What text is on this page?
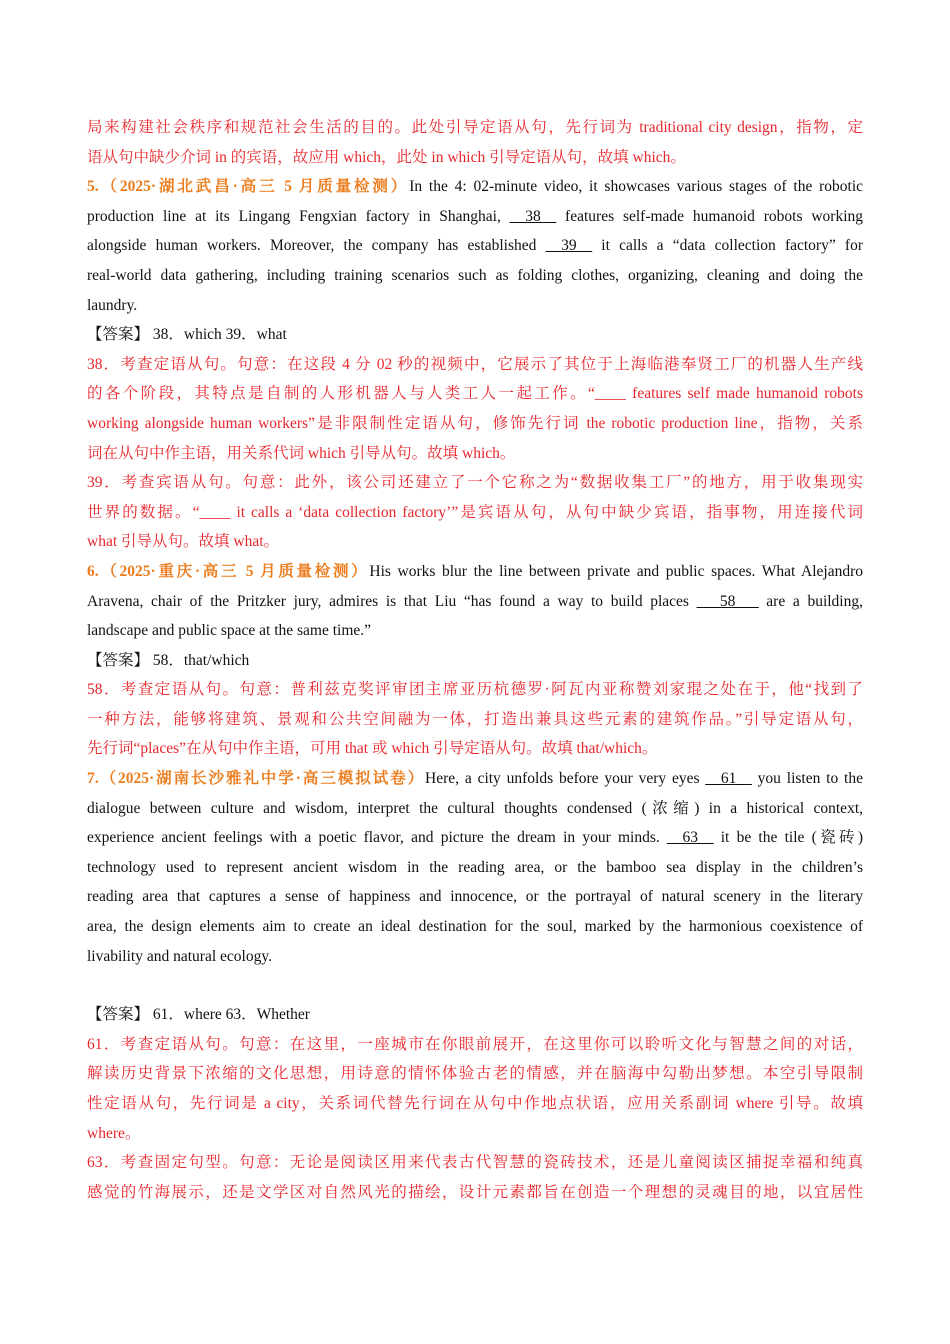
局来构建社会秩序和规范社会生活的目的。此处引导定语从句，先行词为 traditional city design，指物，定
语从句中缺少介词 in 的宾语，故应用 which，此处 in which 引导定语从句，故填 which。
5.（2025·湖北武昌·高三 5 月质量检测）In the 4: 02-minute video, it showcases various stages of the robotic
production line at its Lingang Fengxian factory in Shanghai, __38__ features self-made humanoid robots working
alongside human workers. Moreover, the company has established __39__ it calls a “data collection factory” for
real-world data gathering, including training scenarios such as folding clothes, organizing, cleaning and doing the
laundry.
【答案】 38．which 39．what
38．考查定语从句。句意：在这段 4 分 02 秒的视频中，它展示了其位于上海临港奉贤工厂的机器人生产线
的各个阶段，其特点是自制的人形机器人与人类工人一起工作。“____ features self made humanoid robots
working alongside human workers”是非限制性定语从句，修饰先行词 the robotic production line，指物，关系
词在从句中作主语，用关系代词 which 引导从句。故填 which。
39．考查宾语从句。句意：此外，该公司还建立了一个它称之为“数据收集工厂”的地方，用于收集现实
世界的数据。“____ it calls a ‘data collection factory’”是宾语从句，从句中缺少宾语，指事物，用连接代词
what 引导从句。故填 what。
6.（2025·重庆·高三 5 月质量检测）His works blur the line between private and public spaces. What Alejandro
Aravena, chair of the Pritzker jury, admires is that Liu “has found a way to build places ___58___ are a building,
landscape and public space at the same time.”
【答案】 58．that/which
58．考查定语从句。句意：普利兹克奖评审团主席亚历杭德罗·阿瓦内亚称赞刘家琨之处在于，他“找到了
一种方法，能够将建筑、景观和公共空间融为一体，打造出兼具这些元素的建筑作品。”引导定语从句，
先行词“places”在从句中作主语，可用 that 或 which 引导定语从句。故填 that/which。
7.（2025·湖南长沙雅礼中学·高三模拟试卷）Here, a city unfolds before your very eyes __61__ you listen to the
dialogue between culture and wisdom, interpret the cultural thoughts condensed (浓缩) in a historical context,
experience ancient feelings with a poetic flavor, and picture the dream in your minds. __63__ it be the tile (瓷砖)
technology used to represent ancient wisdom in the reading area, or the bamboo sea display in the children’s
reading area that captures a sense of happiness and innocence, or the portrayal of natural scenery in the literary
area, the design elements aim to create an ideal destination for the soul, marked by the harmonious coexistence of
livability and natural ecology.
【答案】 61．where 63．Whether
61．考查定语从句。句意：在这里，一座城市在你眼前展开，在这里你可以聆听文化与智慧之间的对话，
解读历史背景下浓缩的文化思想，用诗意的情怀体验古老的情感，并在脑海中勾勒出梦想。本空引导限制
性定语从句，先行词是 a city，关系词代替先行词在从句中作地点状语，应用关系副词 where 引导。故填
where。
63．考查固定句型。句意：无论是阅读区用来代表古代智慧的瓷砖技术，还是儿童阅读区捕捉幸福和纯真
感觉的竹海展示，还是文学区对自然风光的描绘，设计元素都旨在创造一个理想的灵魂目的地，以宜居性
